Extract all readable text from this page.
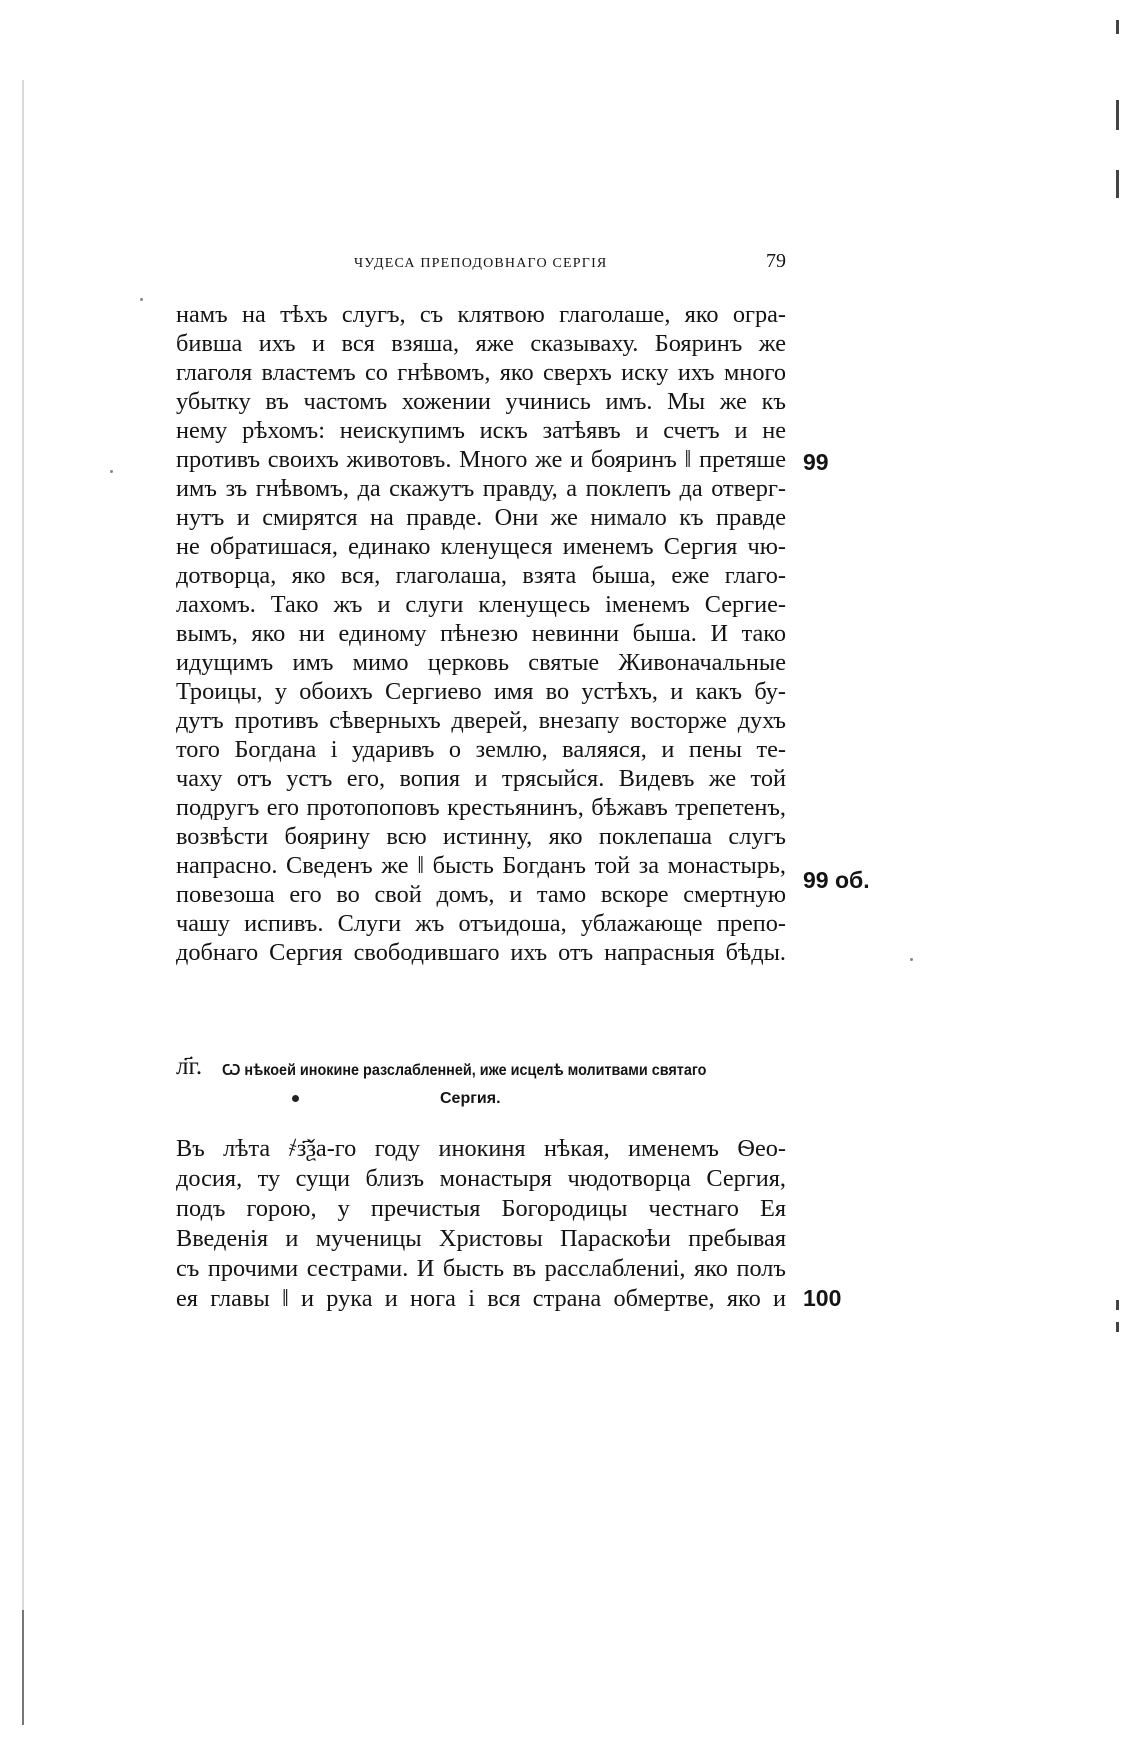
ЧУДЕСА ПРЕПОДОВНАГО СЕРГІЯ	79
намъ на тѣхъ слугъ, съ клятвою глаголаше, яко огра-
бивша ихъ и вся взяша, яже сказываху. Бояринъ же
глаголя властемъ со гнѣвомъ, яко сверхъ иску ихъ много
убытку въ частомъ хожении учинись имъ. Мы же къ
нему рѣхомъ: неискупимъ искъ затѣявъ и счетъ и не
противъ своихъ животовъ. Много же и бояринъ ‖ претяше
имъ зъ гнѣвомъ, да скажутъ правду, а поклепъ да отверг-
нутъ и смирятся на правде. Они же нимало къ правде
не обратишася, единако кленущеся именемъ Сергия чю-
дотворца, яко вся, глаголаша, взята быша, еже глаго-
лахомъ. Тако жъ и слуги кленущесь іменемъ Сергие-
вымъ, яко ни единому пѣнезю невинни быша. И тако
идущимъ имъ мимо церковь святые Живоначальные
Троицы, у обоихъ Сергиево имя во устѣхъ, и какъ бу-
дутъ противъ сѣверныхъ дверей, внезапу восторже духъ
того Богдана і ударивъ о землю, валяяся, и пены те-
чаху отъ устъ его, вопия и трясыйся. Видевъ же той
подругъ его протопоповъ крестьянинъ, бѣжавъ трепетенъ,
возвѣсти боярину всю истинну, яко поклепаша слугъ
напрасно. Сведенъ же ‖ бысть Богданъ той за монастырь,
повезоша его во свой домъ, и тамо вскоре смертную
чашу испивъ. Слуги жъ отъидоша, ублажающе препо-
добнаго Сергия свободившаго ихъ отъ напрасныя бѣды.
99
99 об.
100
л҃г. Ѡ нѣкоей инокине разслабленней, иже исцелѣ молитвами святаго
Сергия.
Въ лѣта ҂з҃ѯа-го году инокиня нѣкая, именемъ Ѳео-
досия, ту сущи близъ монастыря чюдотворца Сергия,
подъ горою, у пречистыя Богородицы честнаго Ея
Введенія и мученицы Христовы Параскоѣи пребывая
съ прочими сестрами. И бысть въ расслаблениі, яко полъ
ея главы ‖ и рука и нога і вся страна обмертве, яко и
